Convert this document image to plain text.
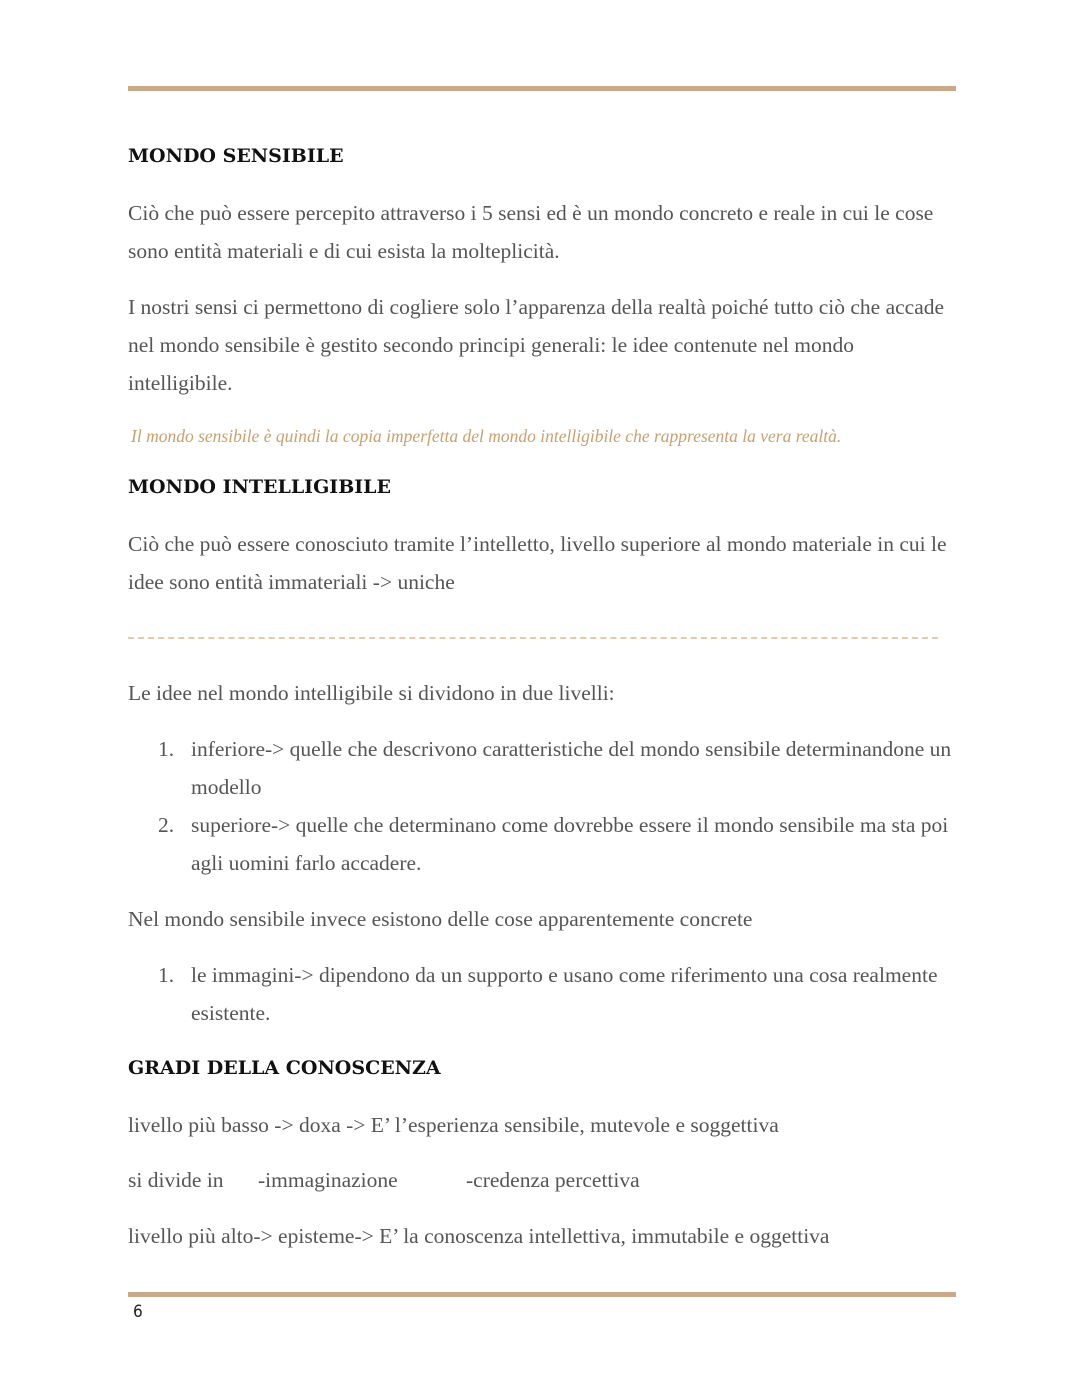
MONDO SENSIBILE
Ciò che può essere percepito attraverso i 5 sensi ed è un mondo concreto e reale in cui le cose sono entità materiali e di cui esista la molteplicità.
I nostri sensi ci permettono di cogliere solo l’apparenza della realtà poiché tutto ciò che accade nel mondo sensibile è gestito secondo principi generali: le idee contenute nel mondo intelligibile.
Il mondo sensibile è quindi la copia imperfetta del mondo intelligibile che rappresenta la vera realtà.
MONDO INTELLIGIBILE
Ciò che può essere conosciuto tramite l’intelletto, livello superiore al mondo materiale in cui le idee sono entità immateriali -> uniche
Le idee nel mondo intelligibile si dividono in due livelli:
1. inferiore-> quelle che descrivono caratteristiche del mondo sensibile determinandone un modello
2. superiore-> quelle che determinano come dovrebbe essere il mondo sensibile ma sta poi agli uomini farlo accadere.
Nel mondo sensibile invece esistono delle cose apparentemente concrete
1. le immagini-> dipendono da un supporto e usano come riferimento una cosa realmente esistente.
GRADI DELLA CONOSCENZA
livello più basso -> doxa -> E’ l’esperienza sensibile, mutevole e soggettiva
si divide in -immaginazione	-credenza percettiva
livello più alto-> episteme-> E’ la conoscenza intellettiva, immutabile e oggettiva
6
